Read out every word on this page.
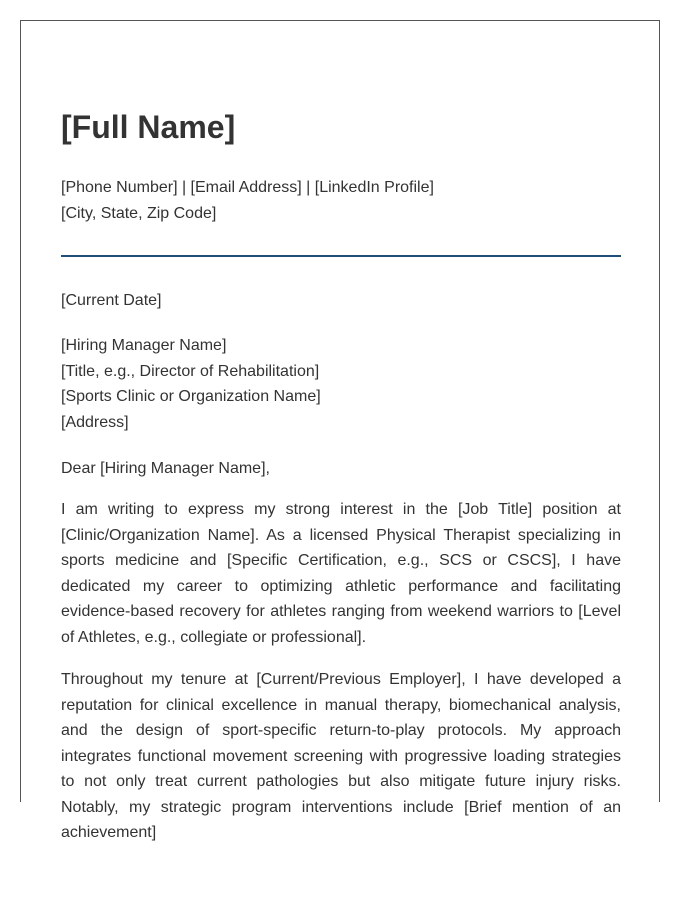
[Full Name]
[Phone Number] | [Email Address] | [LinkedIn Profile]
[City, State, Zip Code]
[Current Date]
[Hiring Manager Name]
[Title, e.g., Director of Rehabilitation]
[Sports Clinic or Organization Name]
[Address]
Dear [Hiring Manager Name],

I am writing to express my strong interest in the [Job Title] position at [Clinic/Organization Name]. As a licensed Physical Therapist specializing in sports medicine and [Specific Certification, e.g., SCS or CSCS], I have dedicated my career to optimizing athletic performance and facilitating evidence-based recovery for athletes ranging from weekend warriors to [Level of Athletes, e.g., collegiate or professional].

Throughout my tenure at [Current/Previous Employer], I have developed a reputation for clinical excellence in manual therapy, biomechanical analysis, and the design of sport-specific return-to-play protocols. My approach integrates functional movement screening with progressive loading strategies to not only treat current pathologies but also mitigate future injury risks. Notably, my strategic program interventions include [Brief mention of an achievement]
